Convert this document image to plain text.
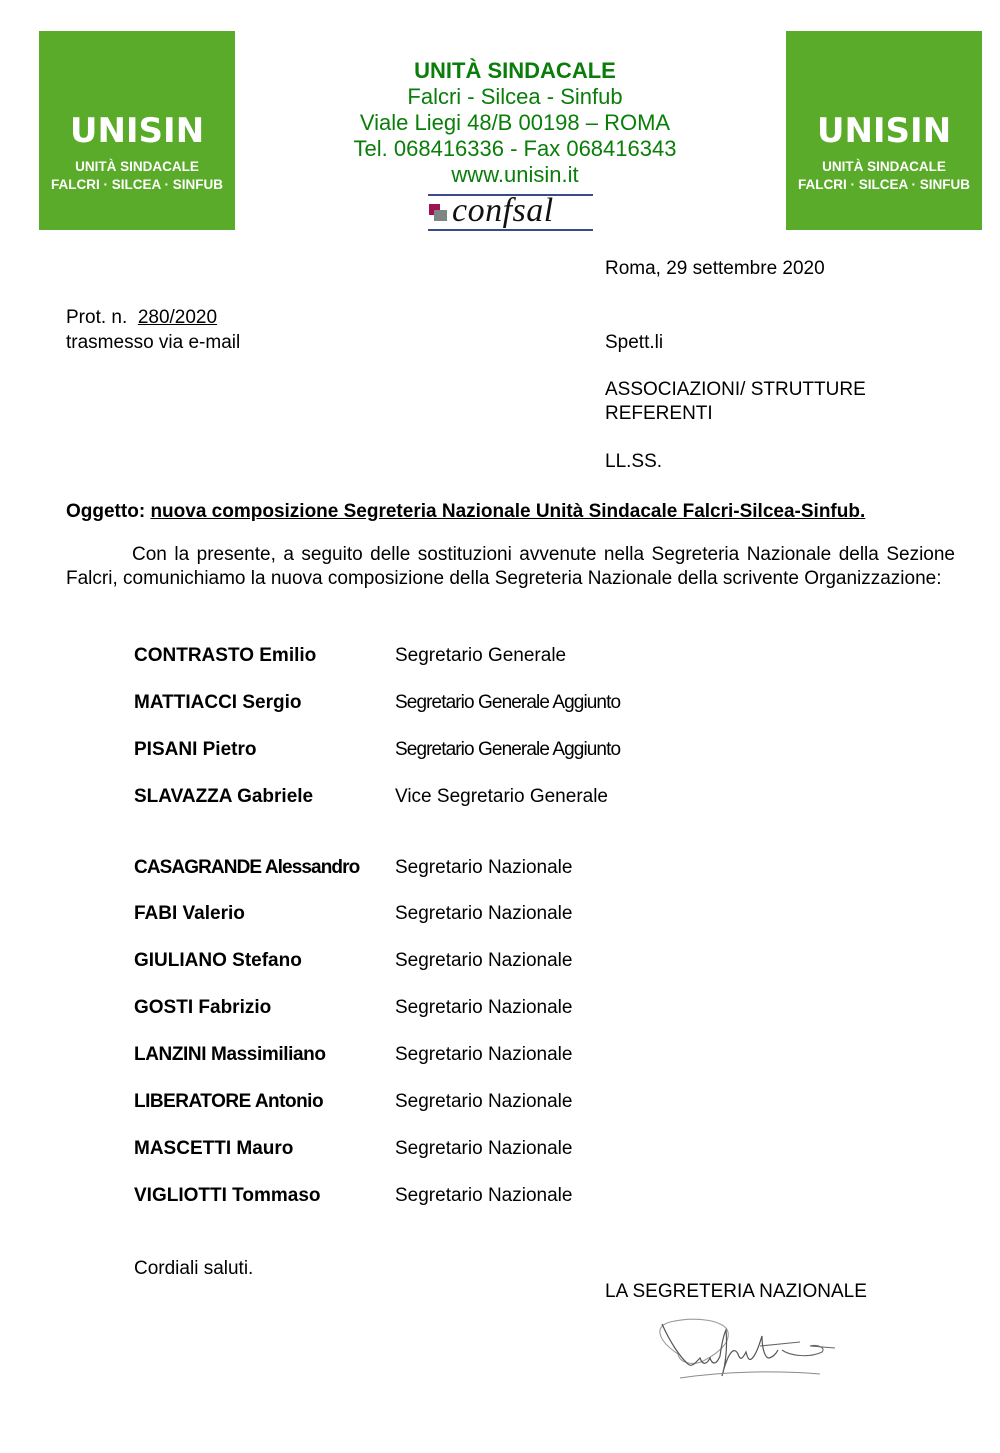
UNISIN
UNITÀ SINDACALE
FALCRI · SILCEA · SINFUB
UNISIN
UNITÀ SINDACALE
FALCRI · SILCEA · SINFUB
UNITÀ SINDACALE
Falcri - Silcea - Sinfub
Viale Liegi 48/B 00198 – ROMA
Tel. 068416336 - Fax 068416343
www.unisin.it
confsal
Roma, 29 settembre 2020
Prot. n. 280/2020
trasmesso via e-mail	Spett.li
ASSOCIAZIONI/ STRUTTURE
REFERENTI
LL.SS.
Oggetto: nuova composizione Segreteria Nazionale Unità Sindacale Falcri-Silcea-Sinfub.
Con la presente, a seguito delle sostituzioni avvenute nella Segreteria Nazionale della Sezione Falcri, comunichiamo la nuova composizione della Segreteria Nazionale della scrivente Organizzazione:
CONTRASTO Emilio	Segretario Generale
MATTIACCI Sergio	Segretario Generale Aggiunto
PISANI Pietro	Segretario Generale Aggiunto
SLAVAZZA Gabriele	Vice Segretario Generale
CASAGRANDE Alessandro Segretario Nazionale
FABI Valerio	Segretario Nazionale
GIULIANO Stefano	Segretario Nazionale
GOSTI Fabrizio	Segretario Nazionale
LANZINI Massimiliano	Segretario Nazionale
LIBERATORE Antonio	Segretario Nazionale
MASCETTI Mauro	Segretario Nazionale
VIGLIOTTI Tommaso	Segretario Nazionale
Cordiali saluti.
LA SEGRETERIA NAZIONALE
